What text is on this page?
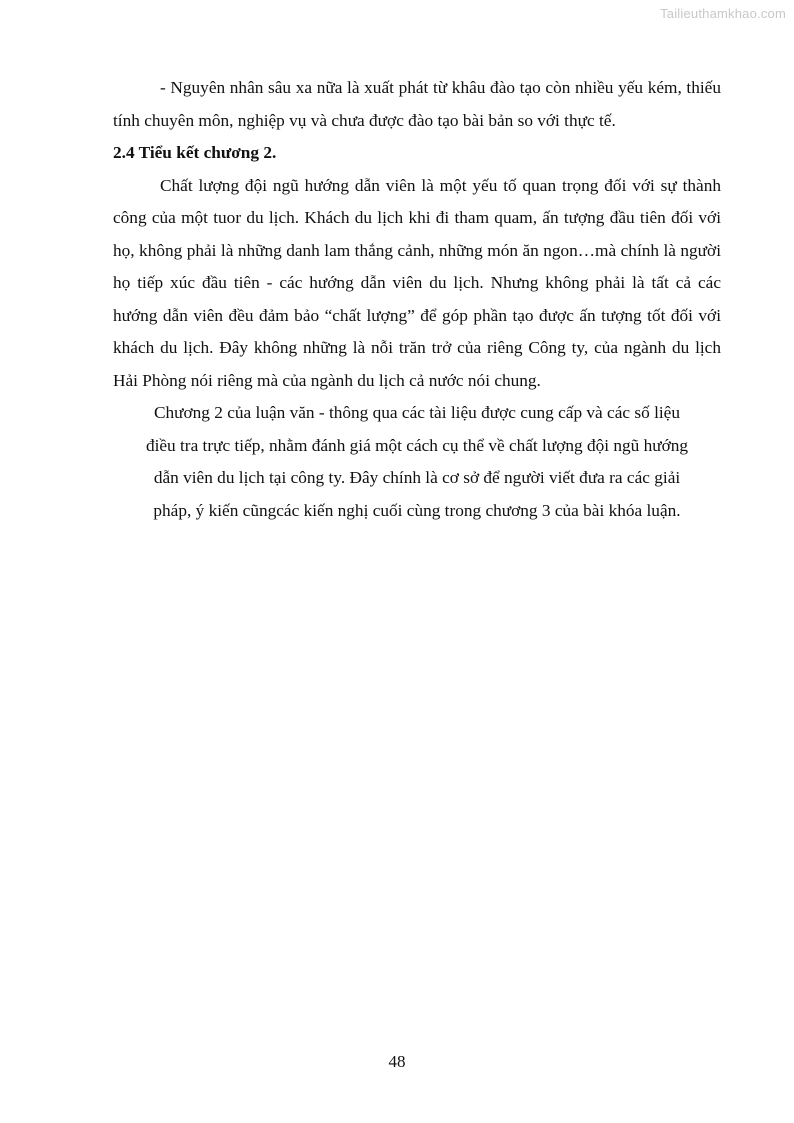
Tailieuthamkhao.com

- Nguyên nhân sâu xa nữa là xuất phát từ khâu đào tạo còn nhiều yếu kém, thiếu tính chuyên môn, nghiệp vụ và chưa được đào tạo bài bản so với thực tế.

2.4 Tiểu kết chương 2.

Chất lượng đội ngũ hướng dẫn viên là một yếu tố quan trọng đối với sự thành công của một tuor du lịch. Khách du lịch khi đi tham quam, ấn tượng đầu tiên đối với họ, không phải là những danh lam thắng cảnh, những món ăn ngon…mà chính là người họ tiếp xúc đầu tiên - các hướng dẫn viên du lịch. Nhưng không phải là tất cả các hướng dẫn viên đều đảm bảo “chất lượng” để góp phần tạo được ấn tượng tốt đối với khách du lịch. Đây không những là nỗi trăn trở của riêng Công ty, của ngành du lịch Hải Phòng nói riêng mà của ngành du lịch cả nước nói chung.

Chương 2 của luận văn - thông qua các tài liệu được cung cấp và các số liệu

điều tra trực tiếp, nhằm đánh giá một cách cụ thể về chất lượng đội ngũ hướng

dẫn viên du lịch tại công ty. Đây chính là cơ sở để người viết đưa ra các giải

pháp, ý kiến cũngcác kiến nghị cuối cùng trong chương 3 của bài khóa luận.

48
